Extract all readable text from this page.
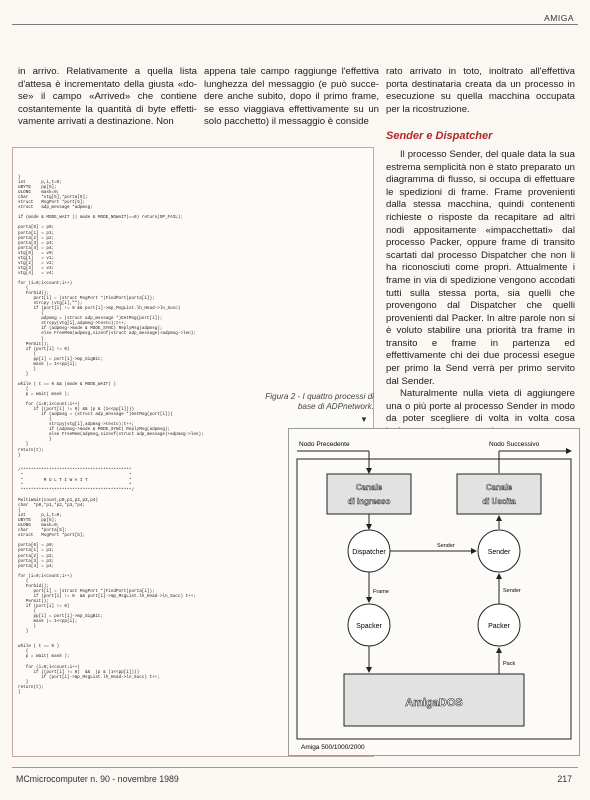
AMIGA

in arrivo. Relativamente a quella lista d'attesa è incrementato della giusta «dose» il campo «Arrived» che contiene costantemente la quantità di byte effettivamente arrivati a destinazione. Non

appena tale campo raggiunge l'effettiva lunghezza del messaggio (e può succedere anche subito, dopo il primo frame, se esso viaggiava effettivamente su un solo pacchetto) il messaggio è conside

rato arrivato in toto, inoltrato all'effettiva porta destinataria creata da un processo in esecuzione su quella macchina occupata per la ricostruzione.

Sender e Dispatcher

Il processo Sender, del quale data la sua estrema semplicità non è stato preparato un diagramma di flusso, si occupa di effettuare le spedizioni di frame. Frame provenienti dalla stessa macchina, quindi contenenti richieste o risposte da recapitare ad altri nodi appositamente «impacchettati» dal processo Packer, oppure frame di transito scartati dal processo Dispatcher che non li ha riconosciuti come propri. Attualmente i frame in via di spedizione vengono accodati tutti sulla stessa porta, sia quelli che provengono dal Dispatcher che quelli provenienti dal Packer. In altre parole non si è voluto stabilire una priorità tra frame in transito e frame in partenza ed effettivamente chi dei due processi esegue per primo la Send verrà per primo servito dal Sender.

Naturalmente nulla vieta di aggiungere una o più porte al processo Sender in modo da poter scegliere di volta in volta cosa

}
int      p,i,t=0;
UBYTE    pp[5];
ULONG    mask=0;
char     *vtg[5],*porta[5];
struct   MsgPort *port[5];
struct   adp_message *adpmsg;

if (mode & MODE_WAIT || mode & MODE_NOWAIT)==0) return(OP_FAIL);

porta[0] = p0;
porta[1] = p1;
porta[2] = p2;
porta[3] = p3;
porta[4] = p4;
vtg[0]   = v0;
vtg[1]   = v1;
vtg[2]   = v2;
vtg[3]   = v3;
vtg[4]   = v4;

for (i=0;i<count;i++)
{
Forbid();
port[i] = (struct MsgPort *)FindPort(porta[i]);
strcpy (vtg[i],"");
if (port[i] != 0 && port[i]->mp_MsgList.lh_Head->ln_Succ)
{
adpmsg = (struct adp_message *)GetMsg(port[i]);
strcpy(vtg[i],adpmsg->testo);t++;
if (adpmsg->mode & MODE_SYNC) ReplyMsg(adpmsg);
else FreeMem(adpmsg,sizeof(struct adp_message)+adpmsg->len);
}
Permit();
if (port[i] != 0)
{
pp[i] = port[i]->mp_SigBit;
mask |= 1<<pp[i];
}
}

while ( t == 0 && (mode & MODE_WAIT) )
{
p = Wait( mask );

for (i=0;i<count;i++)
if ((port[i] != 0) && (p & (1<<pp[i])))
if (adpmsg = (struct adp_message *)GetMsg(port[i]))
{
strcpy(vtg[i],adpmsg->testo);t++;
if (adpmsg->mode & MODE_SYNC) ReplyMsg(adpmsg);
else FreeMem(adpmsg,sizeof(struct adp_message)+adpmsg->len);
}
}
return(t);
}

/*******************************************
*                                         *
*        M U L T I W A I T                *
*                                         *
*******************************************/

MultiWait(count,p0,p1,p2,p3,p4)
char  *p0,*p1,*p2,*p3,*p4;
{
int      p,i,t=0;
UBYTE    pp[5];
ULONG    mask=0;
char     *porta[5];
struct   MsgPort *port[5];

porta[0] = p0;
porta[1] = p1;
porta[2] = p2;
porta[3] = p3;
porta[4] = p4;

for (i=0;i<count;i++)
{
Forbid();
port[i] = (struct MsgPort *)FindPort(porta[i]);
if (port[i] != 0  && port[i]->mp_MsgList.lh_Head->ln_Succ) t++;
Permit();
if (port[i] != 0)
{
pp[i] = port[i]->mp_SigBit;
mask |= 1<<pp[i];
}
}

while ( t == 0 )
{
p = Wait( mask );

for (i=0;i<count;i++)
if ((port[i] != 0)  &&  (p & (1<<pp[i])))
if (port[i]->mp_MsgList.lh_Head->ln_Succ) t++;
}
return(t);
}
Figura 2 - I quattro processi di base di ADPnetwork.
▼
Nodo Precedente	Nodo Successivo
Canale
di Ingresso
Canale
di Uscita
Dispatcher	Sender
Sender
Spacker	Packer
Frame	Sender
Pack
AmigaDOS
Amiga 500/1000/2000
MCmicrocomputer n. 90 - novembre 1989	217
